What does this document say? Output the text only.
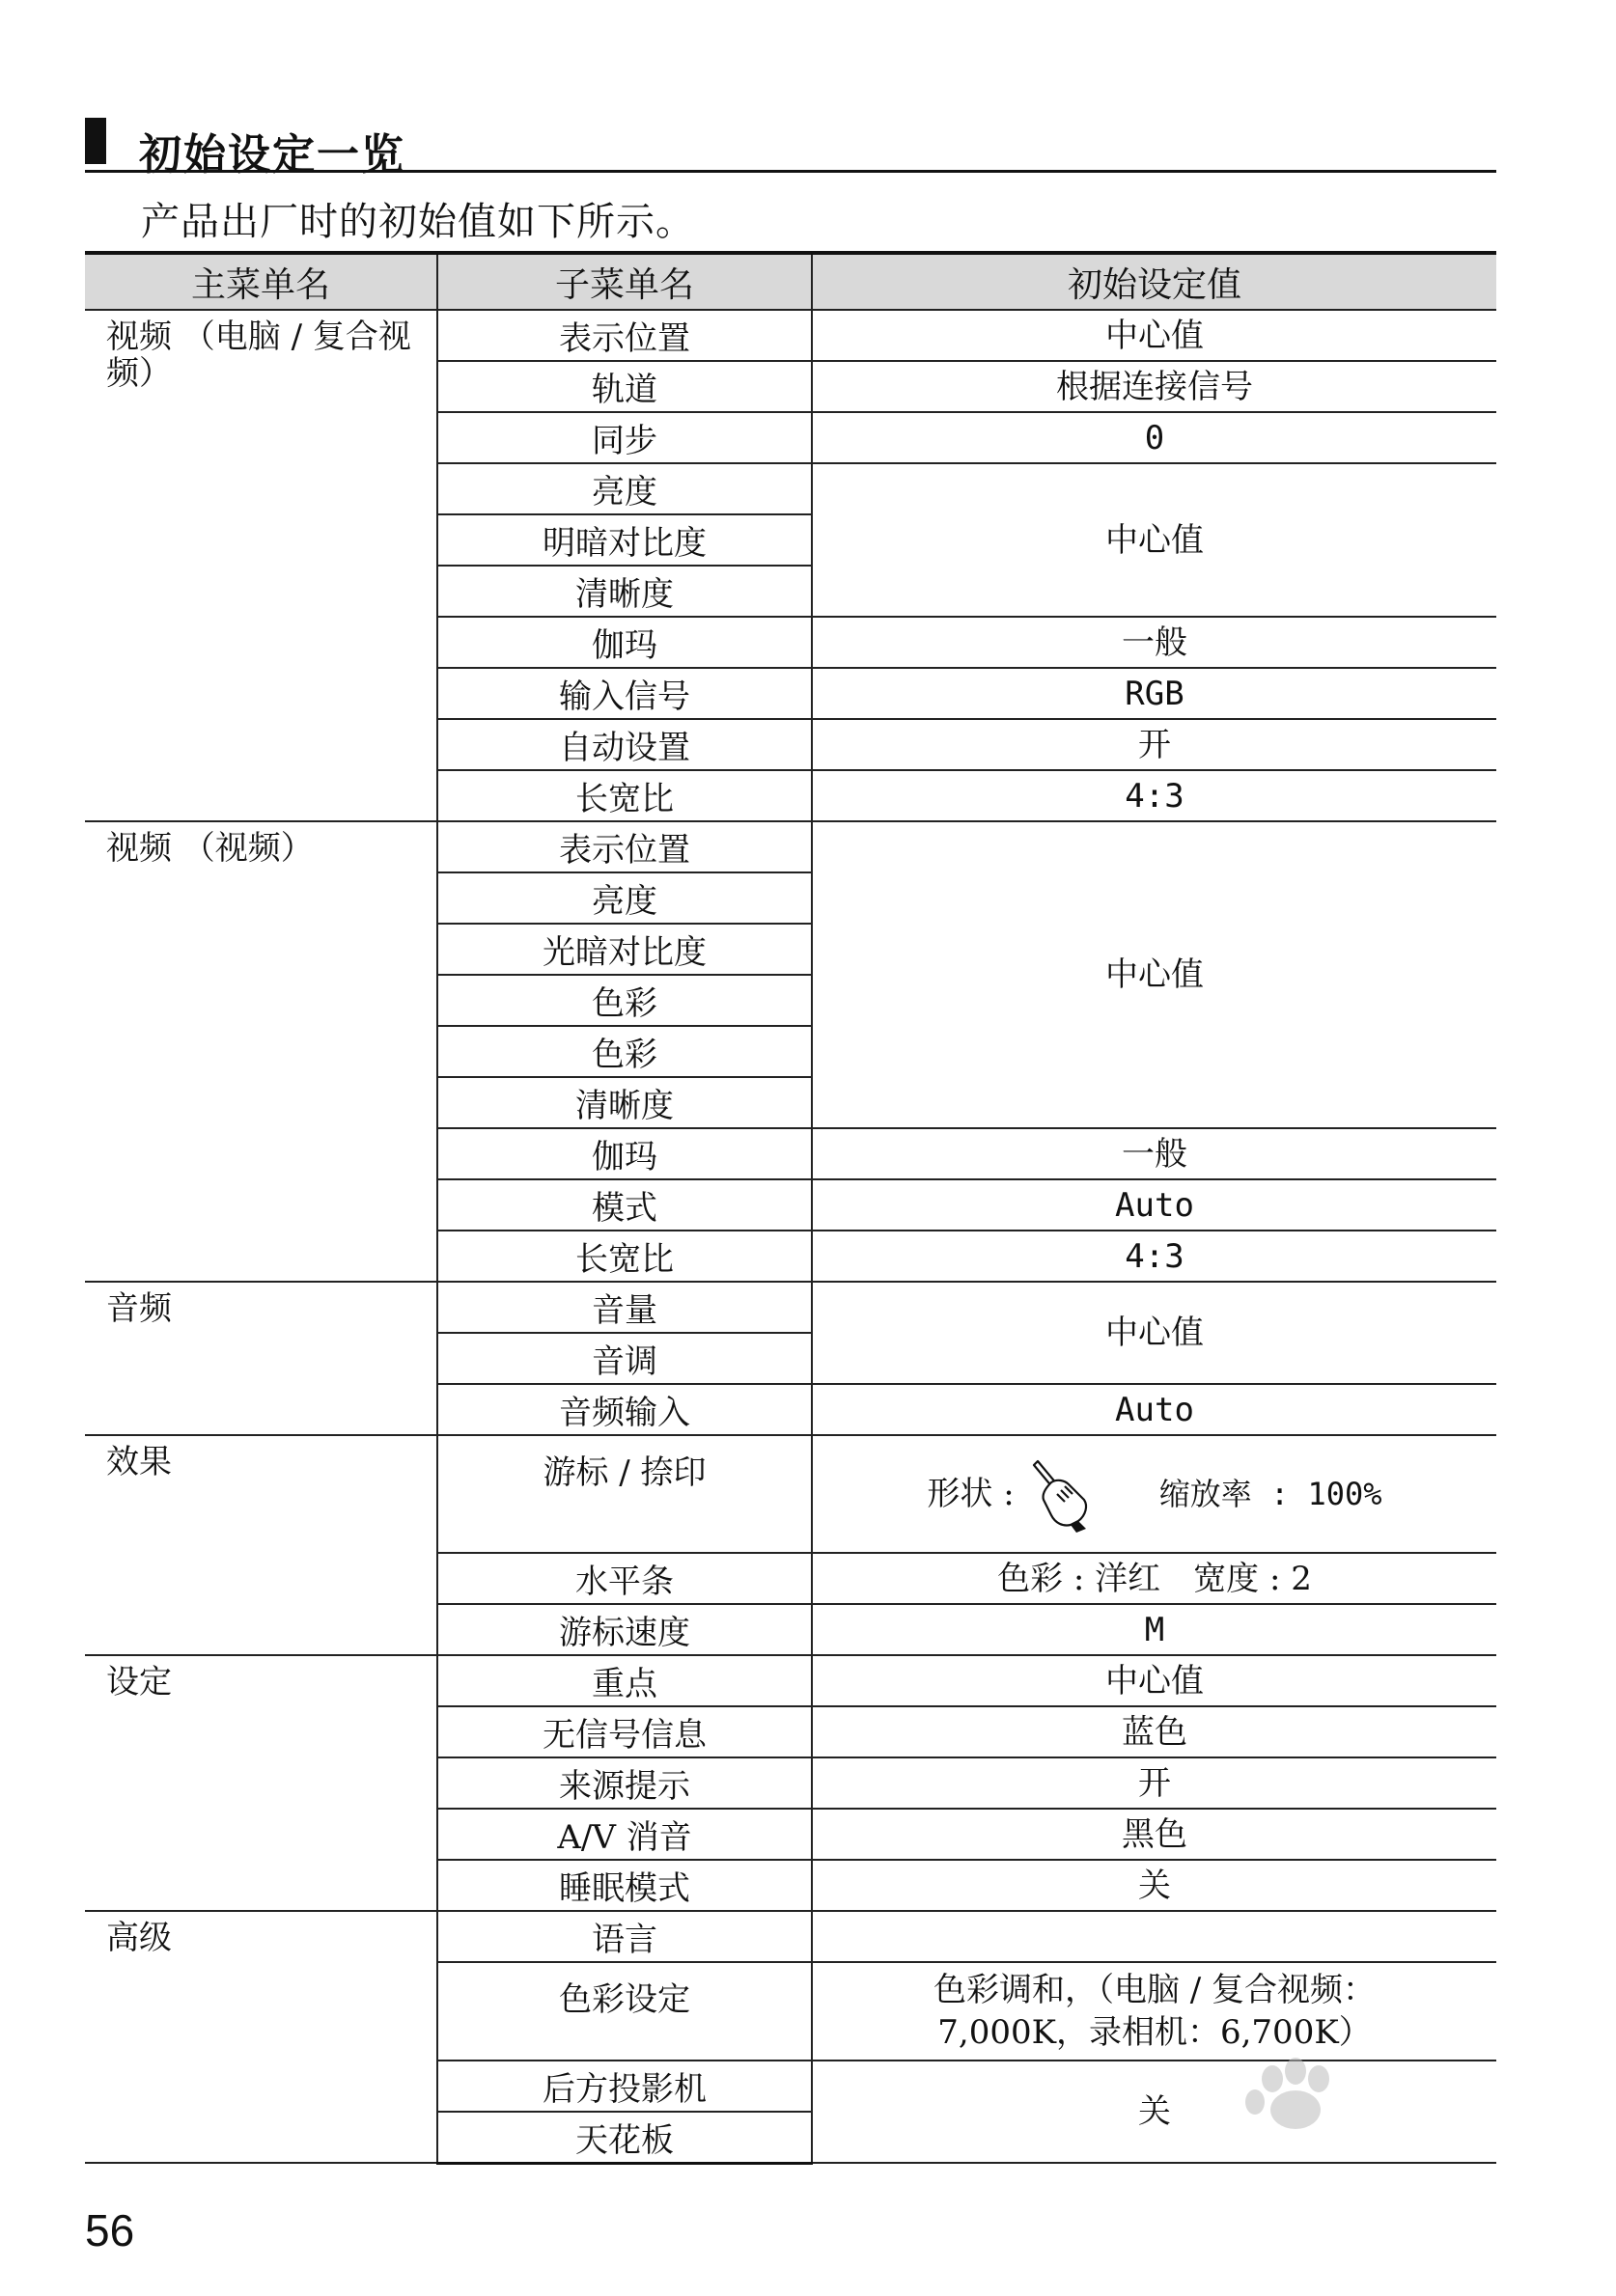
初始设定一览
产品出厂时的初始值如下所示。
主菜单名	子菜单名	初始设定值
视频 （电脑 / 复合视频）	表示位置	中心值
	轨道	根据连接信号
	同步	0
	亮度	中心值
	明暗对比度	
	清晰度	
	伽玛	一般
	输入信号	RGB
	自动设置	开
	长宽比	4:3
视频 （视频）	表示位置	中心值
	亮度	
	光暗对比度	
	色彩	
	色彩	
	清晰度	
	伽玛	一般
	模式	Auto
	长宽比	4:3
音频	音量	中心值
	音调	
	音频输入	Auto
效果	游标 / 捺印	形状 : 缩放率 : 100%

	水平条	色彩 : 洋红　宽度 : 2
	游标速度	M
设定	重点	中心值
	无信号信息	蓝色
	来源提示	开
	A/V 消音	黑色
	睡眠模式	关
高级	语言	
	色彩设定	色彩调和，（电脑 / 复合视频：
7,000K，录相机：6,700K）

	后方投影机	关
	天花板	
56
